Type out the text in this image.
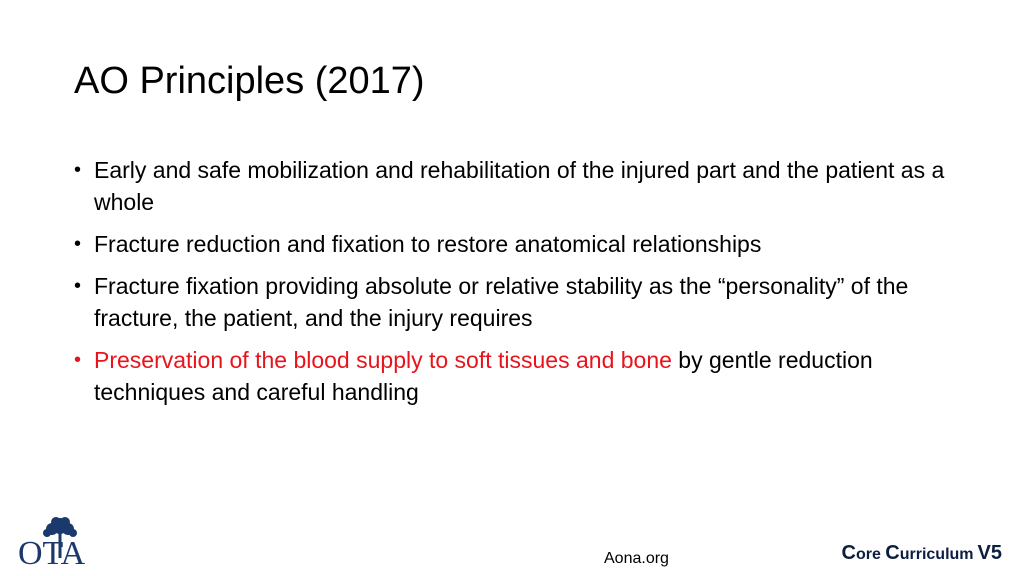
AO Principles (2017)
• Early and safe mobilization and rehabilitation of the injured part and the patient as a whole
• Fracture reduction and fixation to restore anatomical relationships
• Fracture fixation providing absolute or relative stability as the “personality” of the fracture, the patient, and the injury requires
• Preservation of the blood supply to soft tissues and bone by gentle reduction techniques and careful handling
OTA	Aona.org	Core Curriculum V5
